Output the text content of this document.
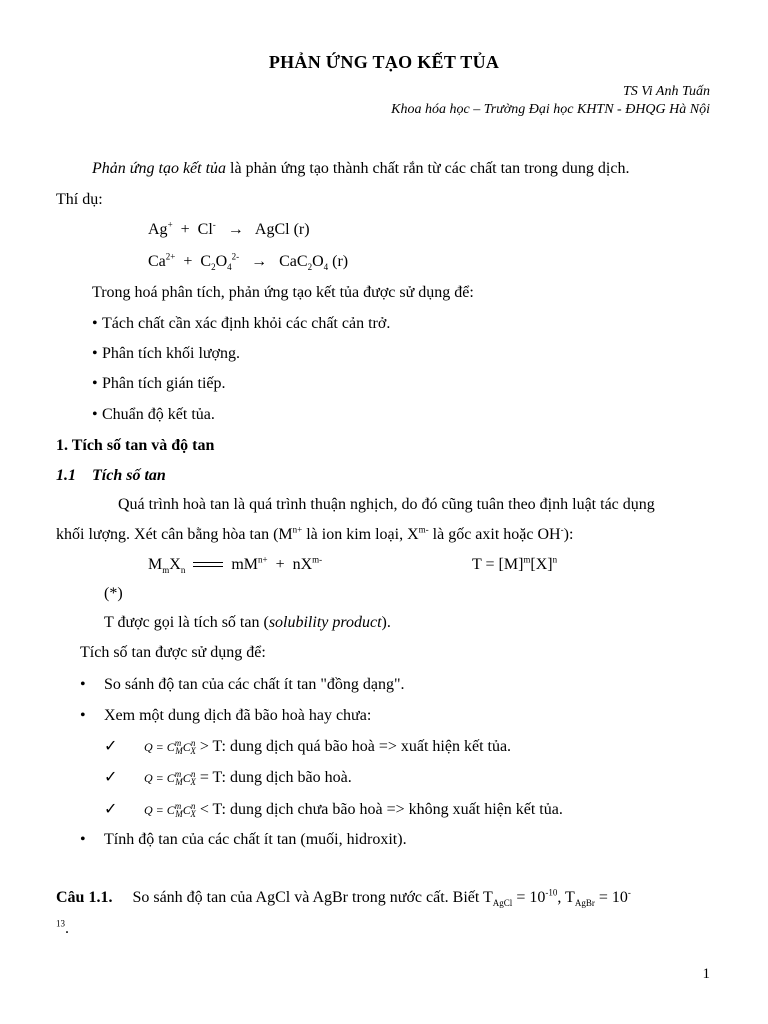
PHẢN ỨNG TẠO KẾT TỦA
TS Vi Anh Tuấn
Khoa hóa học – Trường Đại học KHTN - ĐHQG Hà Nội
Phản ứng tạo kết tủa là phản ứng tạo thành chất rắn từ các chất tan trong dung dịch.
Thí dụ:
Ag+ + Cl- → AgCl (r)
$Ca^{2+} + C_2O_4^{2-} \to CaC_2O_4$ (r)
Trong hoá phân tích, phản ứng tạo kết tủa được sử dụng để:
• Tách chất cần xác định khỏi các chất cản trở.
• Phân tích khối lượng.
• Phân tích gián tiếp.
• Chuẩn độ kết tủa.
1. Tích số tan và độ tan
1.1 Tích số tan
Quá trình hoà tan là quá trình thuận nghịch, do đó cũng tuân theo định luật tác dụng
khối lượng. Xét cân bằng hòa $\tan (M^{n+}$ là ion kim loại, $X^{m-}$ là gốc axit hoặc OH-):
$M_mX_n$	$mM^{n+} + nX^{m-}$	$T = [M]^m[X]^n$
(*)
T được gọi là tích số tan (solubility product).
Tích số tan được sử dụng để:
• So sánh độ tan của các chất ít tan "đồng dạng".
• Xem một dung dịch đã bão hoà hay chưa:
✓ $Q = C^m_MC^n_X > T$: dung dịch quá bão hoà => xuất hiện kết tủa.
✓ $Q = C^m_MC^n_X = T$: dung dịch bão hoà.
✓ $Q = C^m_MC^n_X < T$: dung dịch chưa bão hoà => không xuất hiện kết tủa.
• Tính độ tan của các chất ít tan (muối, hidroxit).
Câu 1.1. So sánh độ tan của AgCl và AgBr trong nước cất. Biết $T_{AgCl} = 10^{-10}$, $T_{AgBr} = 10^-$
$^{13}$.
1
